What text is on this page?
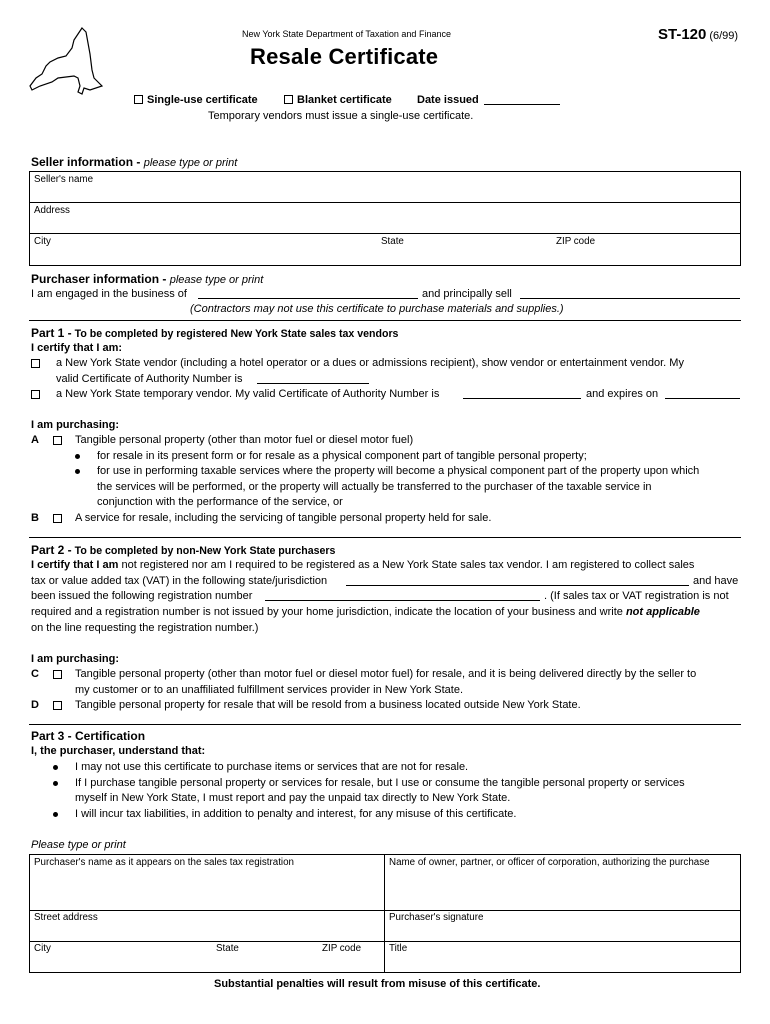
New York State Department of Taxation and Finance	ST-120 (6/99)
Resale Certificate
Single-use certificate	Blanket certificate Date issued
Temporary vendors must issue a single-use certificate.
Seller information - please type or print
Seller's name
Address
City	State	ZIP code
Purchaser information - please type or print
I am engaged in the business of	and principally sell
(Contractors may not use this certificate to purchase materials and supplies.)
Part 1 - To be completed by registered New York State sales tax vendors
I certify that I am:
a New York State vendor (including a hotel operator or a dues or admissions recipient), show vendor or entertainment vendor. My
valid Certificate of Authority Number is
a New York State temporary vendor. My valid Certificate of Authority Number is	and expires on
I am purchasing:
A	Tangible personal property (other than motor fuel or diesel motor fuel)
for resale in its present form or for resale as a physical component part of tangible personal property;
for use in performing taxable services where the property will become a physical component part of the property upon which
the services will be performed, or the property will actually be transferred to the purchaser of the taxable service in
conjunction with the performance of the service, or
B	A service for resale, including the servicing of tangible personal property held for sale.
Part 2 - To be completed by non-New York State purchasers
I certify that I am not registered nor am I required to be registered as a New York State sales tax vendor. I am registered to collect sales
tax or value added tax (VAT) in the following state/jurisdiction	and have
been issued the following registration number	. (If sales tax or VAT registration is not
required and a registration number is not issued by your home jurisdiction, indicate the location of your business and write not applicable
on the line requesting the registration number.)
I am purchasing:
C	Tangible personal property (other than motor fuel or diesel motor fuel) for resale, and it is being delivered directly by the seller to
my customer or to an unaffiliated fulfillment services provider in New York State.
D	Tangible personal property for resale that will be resold from a business located outside New York State.
Part 3 - Certification
I, the purchaser, understand that:
I may not use this certificate to purchase items or services that are not for resale.
If I purchase tangible personal property or services for resale, but I use or consume the tangible personal property or services
myself in New York State, I must report and pay the unpaid tax directly to New York State.
I will incur tax liabilities, in addition to penalty and interest, for any misuse of this certificate.
Please type or print
Purchaser's name as it appears on the sales tax registration	Name of owner, partner, or officer of corporation, authorizing the purchase
Street address	Purchaser's signature
City	State	ZIP code	Title
Substantial penalties will result from misuse of this certificate.
